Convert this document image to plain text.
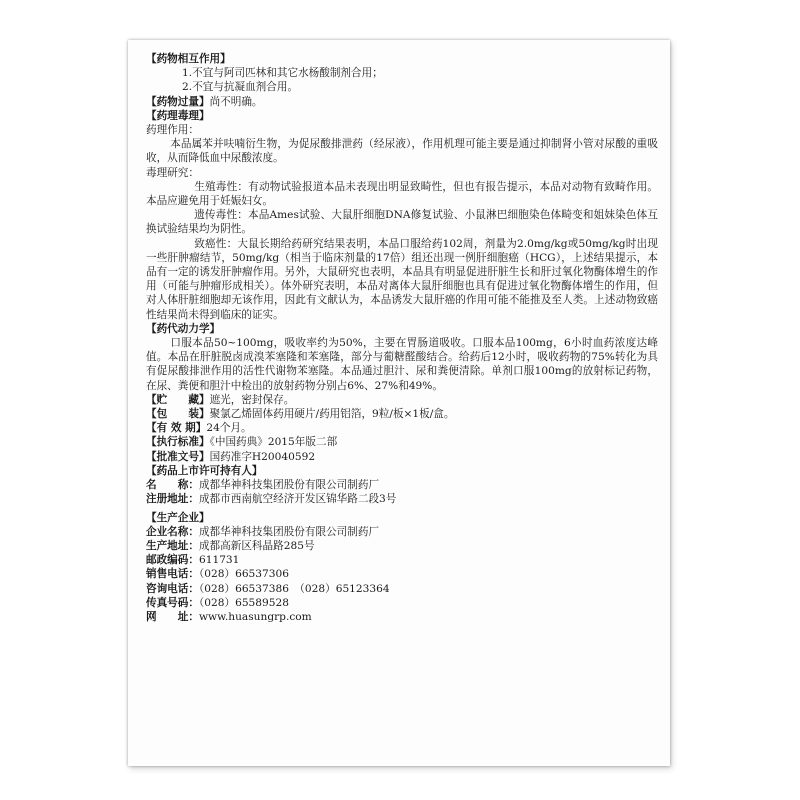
【药物相互作用】

1.不宜与阿司匹林和其它水杨酸制剂合用；

2.不宜与抗凝血剂合用。

【药物过量】尚不明确。

【药理毒理】

药理作用：

本品属苯并呋喃衍生物，为促尿酸排泄药（经尿液），作用机理可能主要是通过抑制肾小管对尿酸的重吸收，从而降低血中尿酸浓度。

毒理研究：

生殖毒性：有动物试验报道本品未表现出明显致畸性，但也有报告提示，本品对动物有致畸作用。本品应避免用于妊娠妇女。

遗传毒性：本品Ames试验、大鼠肝细胞DNA修复试验、小鼠淋巴细胞染色体畸变和姐妹染色体互换试验结果均为阴性。

致癌性：大鼠长期给药研究结果表明，本品口服给药102周，剂量为2.0mg/kg或50mg/kg时出现一些肝肿瘤结节，50mg/kg（相当于临床剂量的17倍）组还出现一例肝细胞癌（HCG），上述结果提示，本品有一定的诱发肝肿瘤作用。另外，大鼠研究也表明，本品具有明显促进肝脏生长和肝过氧化物酶体增生的作用（可能与肿瘤形成相关）。体外研究表明，本品对离体大鼠肝细胞也具有促进过氧化物酶体增生的作用，但对人体肝脏细胞却无该作用，因此有文献认为，本品诱发大鼠肝癌的作用可能不能推及至人类。上述动物致癌性结果尚未得到临床的证实。

【药代动力学】

口服本品50~100mg，吸收率约为50%，主要在胃肠道吸收。口服本品100mg，6小时血药浓度达峰值。本品在肝脏脱卤成溴苯塞隆和苯塞隆，部分与葡糖醛酸结合。给药后12小时，吸收药物的75%转化为具有促尿酸排泄作用的活性代谢物苯塞隆。本品通过胆汁、尿和粪便清除。单剂口服100mg的放射标记药物，在尿、粪便和胆汁中检出的放射药物分别占6%、27%和49%。

【贮　　藏】遮光，密封保存。

【包　　装】聚氯乙烯固体药用硬片/药用铝箔，9粒/板×1板/盒。

【有 效 期】24个月。

【执行标准】《中国药典》2015年版二部

【批准文号】国药准字H20040592

【药品上市许可持有人】

名　　称：成都华神科技集团股份有限公司制药厂

注册地址：成都市西南航空经济开发区锦华路二段3号

【生产企业】

企业名称：成都华神科技集团股份有限公司制药厂

生产地址：成都高新区科晶路285号

邮政编码：611731

销售电话：（028）66537306

咨询电话：（028）66537386　（028）65123364

传真号码：（028）65589528

网　　址：www.huasungrp.com
